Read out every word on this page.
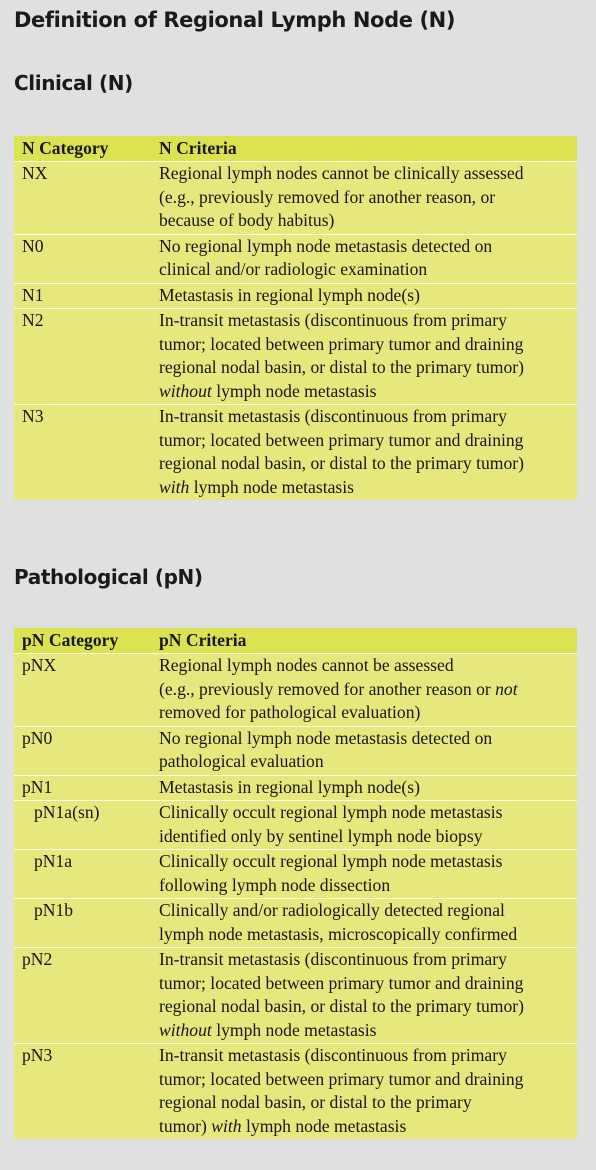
Definition of Regional Lymph Node (N)
Clinical (N)
N Category	N Criteria
NX	Regional lymph nodes cannot be clinically assessed
(e.g., previously removed for another reason, or
because of body habitus)
N0	No regional lymph node metastasis detected on
clinical and/or radiologic examination
N1	Metastasis in regional lymph node(s)
N2	In-transit metastasis (discontinuous from primary
tumor; located between primary tumor and draining
regional nodal basin, or distal to the primary tumor)
without lymph node metastasis
N3	In-transit metastasis (discontinuous from primary
tumor; located between primary tumor and draining
regional nodal basin, or distal to the primary tumor)
with lymph node metastasis
Pathological (pN)
pN Category	pN Criteria
pNX	Regional lymph nodes cannot be assessed
(e.g., previously removed for another reason or not
removed for pathological evaluation)
pN0	No regional lymph node metastasis detected on
pathological evaluation
pN1	Metastasis in regional lymph node(s)
pN1a(sn)	Clinically occult regional lymph node metastasis
identified only by sentinel lymph node biopsy
pN1a	Clinically occult regional lymph node metastasis
following lymph node dissection
pN1b	Clinically and/or radiologically detected regional
lymph node metastasis, microscopically confirmed
pN2	In-transit metastasis (discontinuous from primary
tumor; located between primary tumor and draining
regional nodal basin, or distal to the primary tumor)
without lymph node metastasis
pN3	In-transit metastasis (discontinuous from primary
tumor; located between primary tumor and draining
regional nodal basin, or distal to the primary
tumor) with lymph node metastasis
